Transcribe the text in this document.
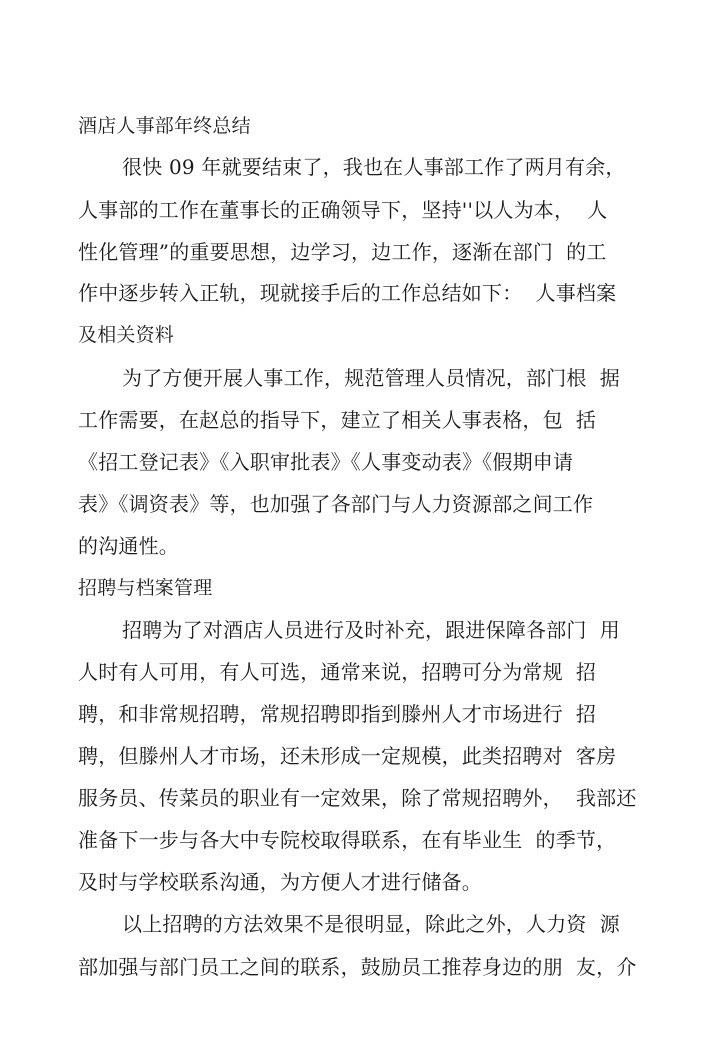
酒店人事部年终总结
很快 09 年就要结束了，我也在人事部工作了两月有余，
人事部的工作在董事长的正确领导下，坚持''以人为本，  人
性化管理”的重要思想，边学习，边工作，逐渐在部门  的工
作中逐步转入正轨，现就接手后的工作总结如下：  人事档案
及相关资料
为了方便开展人事工作，规范管理人员情况，部门根  据
工作需要，在赵总的指导下，建立了相关人事表格，包  括
《招工登记表》《入职审批表》《人事变动表》《假期申请
表》《调资表》等，也加强了各部门与人力资源部之间工作
的沟通性。
招聘与档案管理
招聘为了对酒店人员进行及时补充，跟进保障各部门  用
人时有人可用，有人可选，通常来说，招聘可分为常规  招
聘，和非常规招聘，常规招聘即指到滕州人才市场进行  招
聘，但滕州人才市场，还未形成一定规模，此类招聘对  客房
服务员、传菜员的职业有一定效果，除了常规招聘外，  我部还
准备下一步与各大中专院校取得联系，在有毕业生  的季节，
及时与学校联系沟通，为方便人才进行储备。
以上招聘的方法效果不是很明显，除此之外，人力资  源
部加强与部门员工之间的联系，鼓励员工推荐身边的朋  友，介
